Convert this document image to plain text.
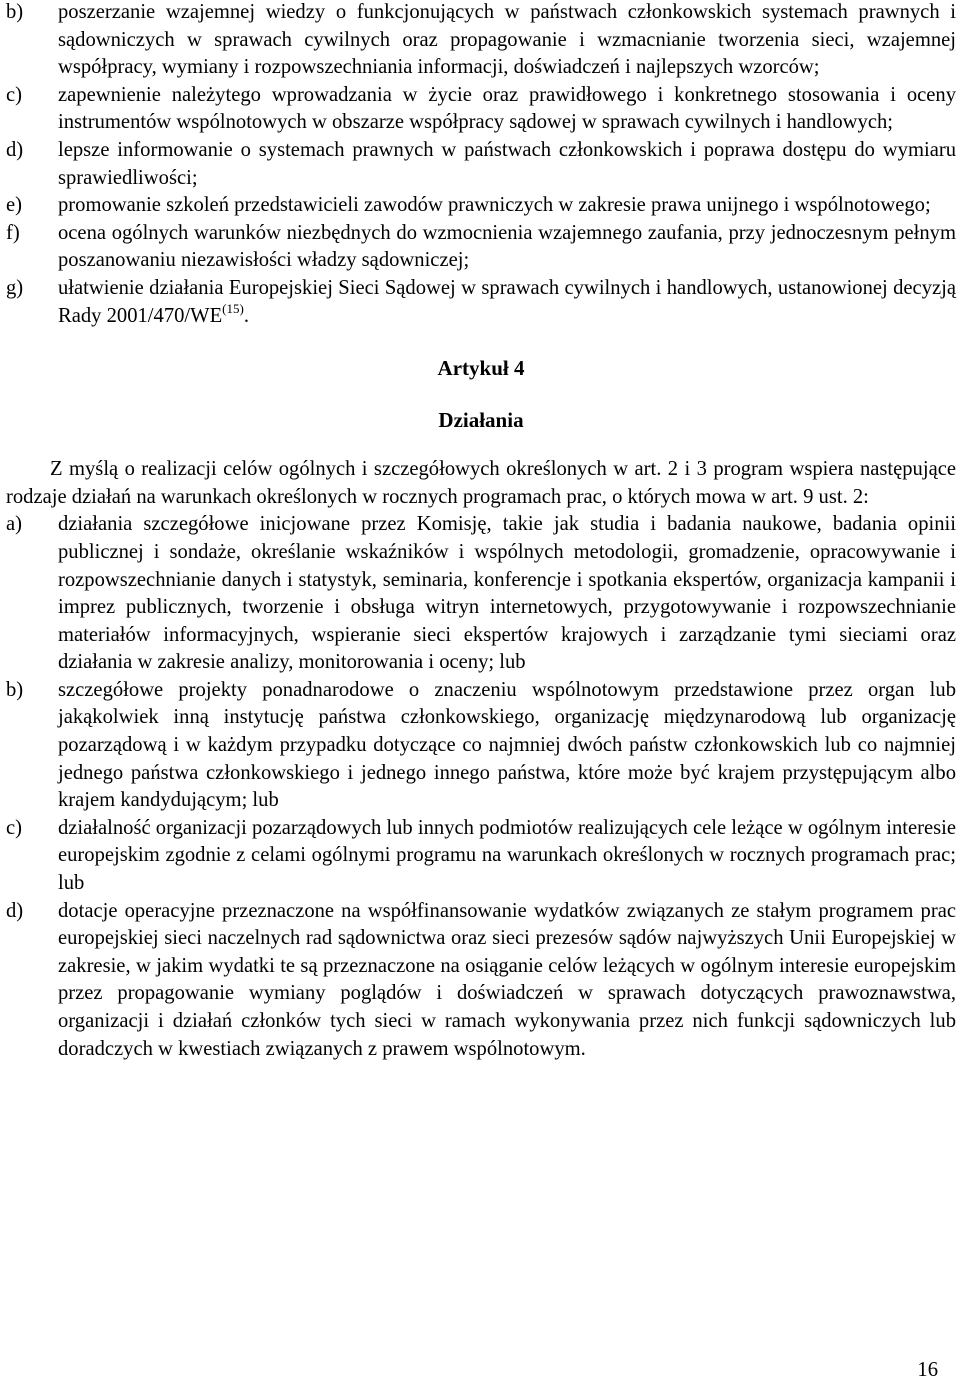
b)	poszerzanie wzajemnej wiedzy o funkcjonujących w państwach członkowskich systemach prawnych i sądowniczych w sprawach cywilnych oraz propagowanie i wzmacnianie tworzenia sieci, wzajemnej współpracy, wymiany i rozpowszechniania informacji, doświadczeń i najlepszych wzorców;
c)	zapewnienie należytego wprowadzania w życie oraz prawidłowego i konkretnego stosowania i oceny instrumentów wspólnotowych w obszarze współpracy sądowej w sprawach cywilnych i handlowych;
d)	lepsze informowanie o systemach prawnych w państwach członkowskich i poprawa dostępu do wymiaru sprawiedliwości;
e)	promowanie szkoleń przedstawicieli zawodów prawniczych w zakresie prawa unijnego i wspólnotowego;
f)	ocena ogólnych warunków niezbędnych do wzmocnienia wzajemnego zaufania, przy jednoczesnym pełnym poszanowaniu niezawisłości władzy sądowniczej;
g)	ułatwienie działania Europejskiej Sieci Sądowej w sprawach cywilnych i handlowych, ustanowionej decyzją Rady 2001/470/WE$^{(15)}$.
Artykuł 4
Działania
Z myślą o realizacji celów ogólnych i szczegółowych określonych w art. 2 i 3 program wspiera następujące rodzaje działań na warunkach określonych w rocznych programach prac, o których mowa w art. 9 ust. 2:
a)	działania szczegółowe inicjowane przez Komisję, takie jak studia i badania naukowe, badania opinii publicznej i sondaże, określanie wskaźników i wspólnych metodologii, gromadzenie, opracowywanie i rozpowszechnianie danych i statystyk, seminaria, konferencje i spotkania ekspertów, organizacja kampanii i imprez publicznych, tworzenie i obsługa witryn internetowych, przygotowywanie i rozpowszechnianie materiałów informacyjnych, wspieranie sieci ekspertów krajowych i zarządzanie tymi sieciami oraz działania w zakresie analizy, monitorowania i oceny; lub
b)	szczegółowe projekty ponadnarodowe o znaczeniu wspólnotowym przedstawione przez organ lub jakąkolwiek inną instytucję państwa członkowskiego, organizację międzynarodową lub organizację pozarządową i w każdym przypadku dotyczące co najmniej dwóch państw członkowskich lub co najmniej jednego państwa członkowskiego i jednego innego państwa, które może być krajem przystępującym albo krajem kandydującym; lub
c)	działalność organizacji pozarządowych lub innych podmiotów realizujących cele leżące w ogólnym interesie europejskim zgodnie z celami ogólnymi programu na warunkach określonych w rocznych programach prac; lub
d)	dotacje operacyjne przeznaczone na współfinansowanie wydatków związanych ze stałym programem prac europejskiej sieci naczelnych rad sądownictwa oraz sieci prezesów sądów najwyższych Unii Europejskiej w zakresie, w jakim wydatki te są przeznaczone na osiąganie celów leżących w ogólnym interesie europejskim przez propagowanie wymiany poglądów i doświadczeń w sprawach dotyczących prawoznawstwa, organizacji i działań członków tych sieci w ramach wykonywania przez nich funkcji sądowniczych lub doradczych w kwestiach związanych z prawem wspólnotowym.
16
